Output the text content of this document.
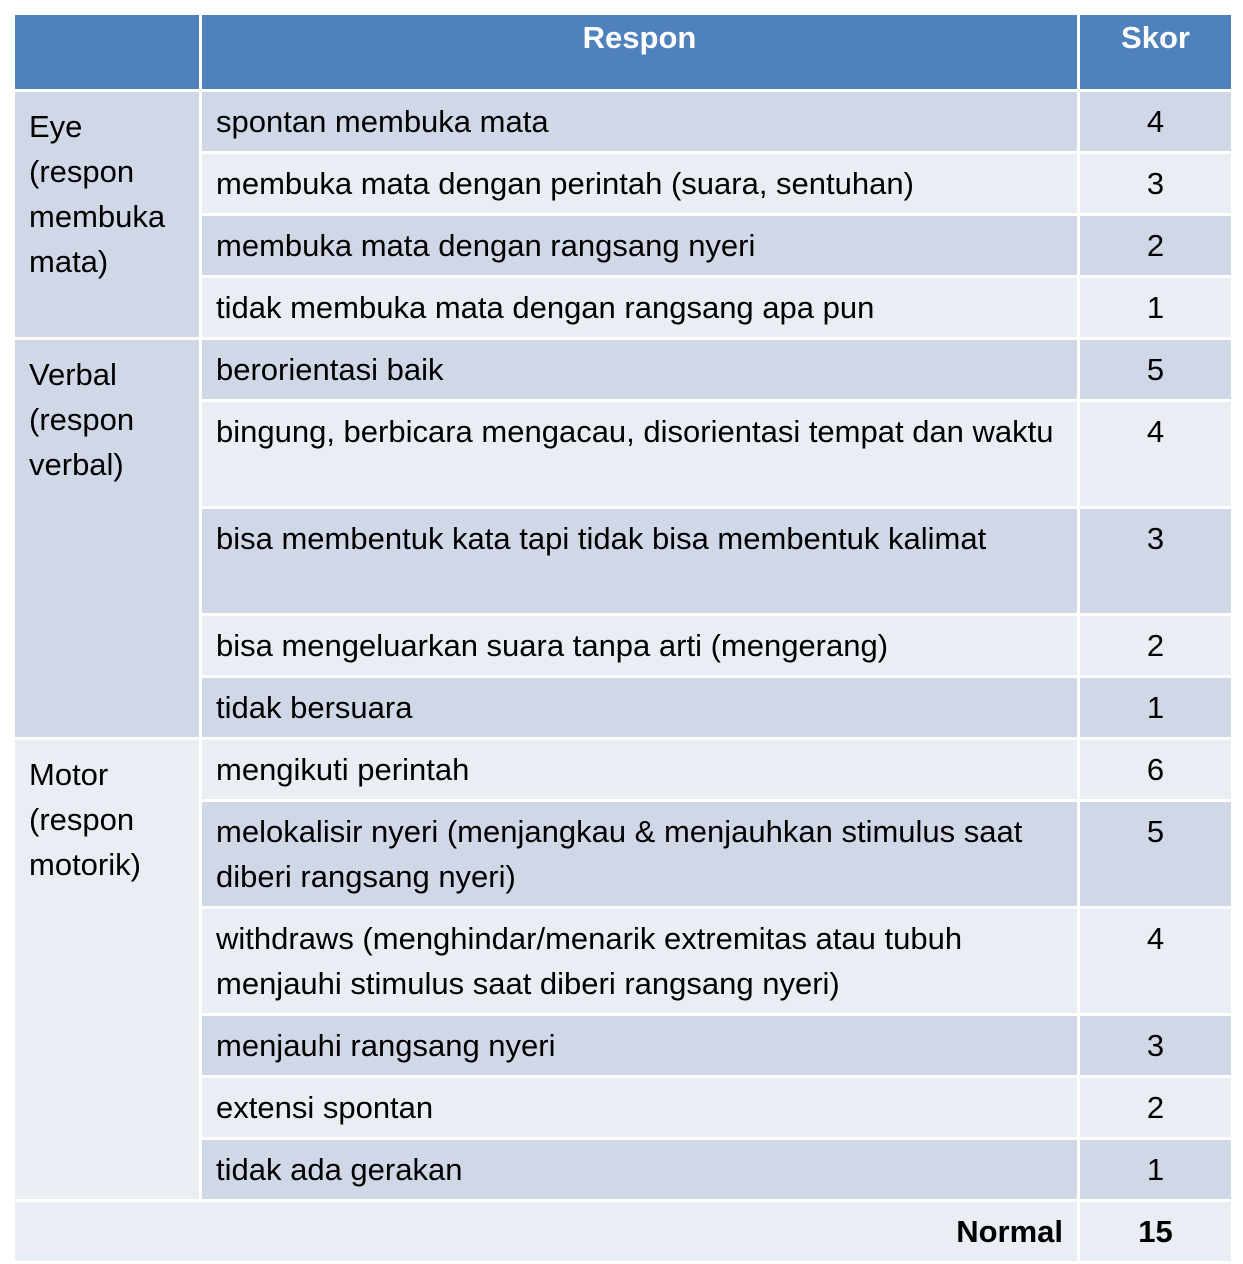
	Respon	Skor
Eye (respon membuka mata)	spontan membuka mata	4
	membuka mata dengan perintah (suara, sentuhan)	3
	membuka mata dengan rangsang nyeri	2
	tidak membuka mata dengan rangsang apa pun	1
Verbal (respon verbal)	berorientasi baik	5
	bingung, berbicara mengacau, disorientasi tempat dan waktu	4
	bisa membentuk kata tapi tidak bisa membentuk kalimat	3
	bisa mengeluarkan suara tanpa arti (mengerang)	2
	tidak bersuara	1
Motor (respon motorik)	mengikuti perintah	6
	melokalisir nyeri (menjangkau & menjauhkan stimulus saat diberi rangsang nyeri)	5
	withdraws (menghindar/menarik extremitas atau tubuh menjauhi stimulus saat diberi rangsang nyeri)	4
	menjauhi rangsang nyeri	3
	extensi spontan	2
	tidak ada gerakan	1
Normal		15
